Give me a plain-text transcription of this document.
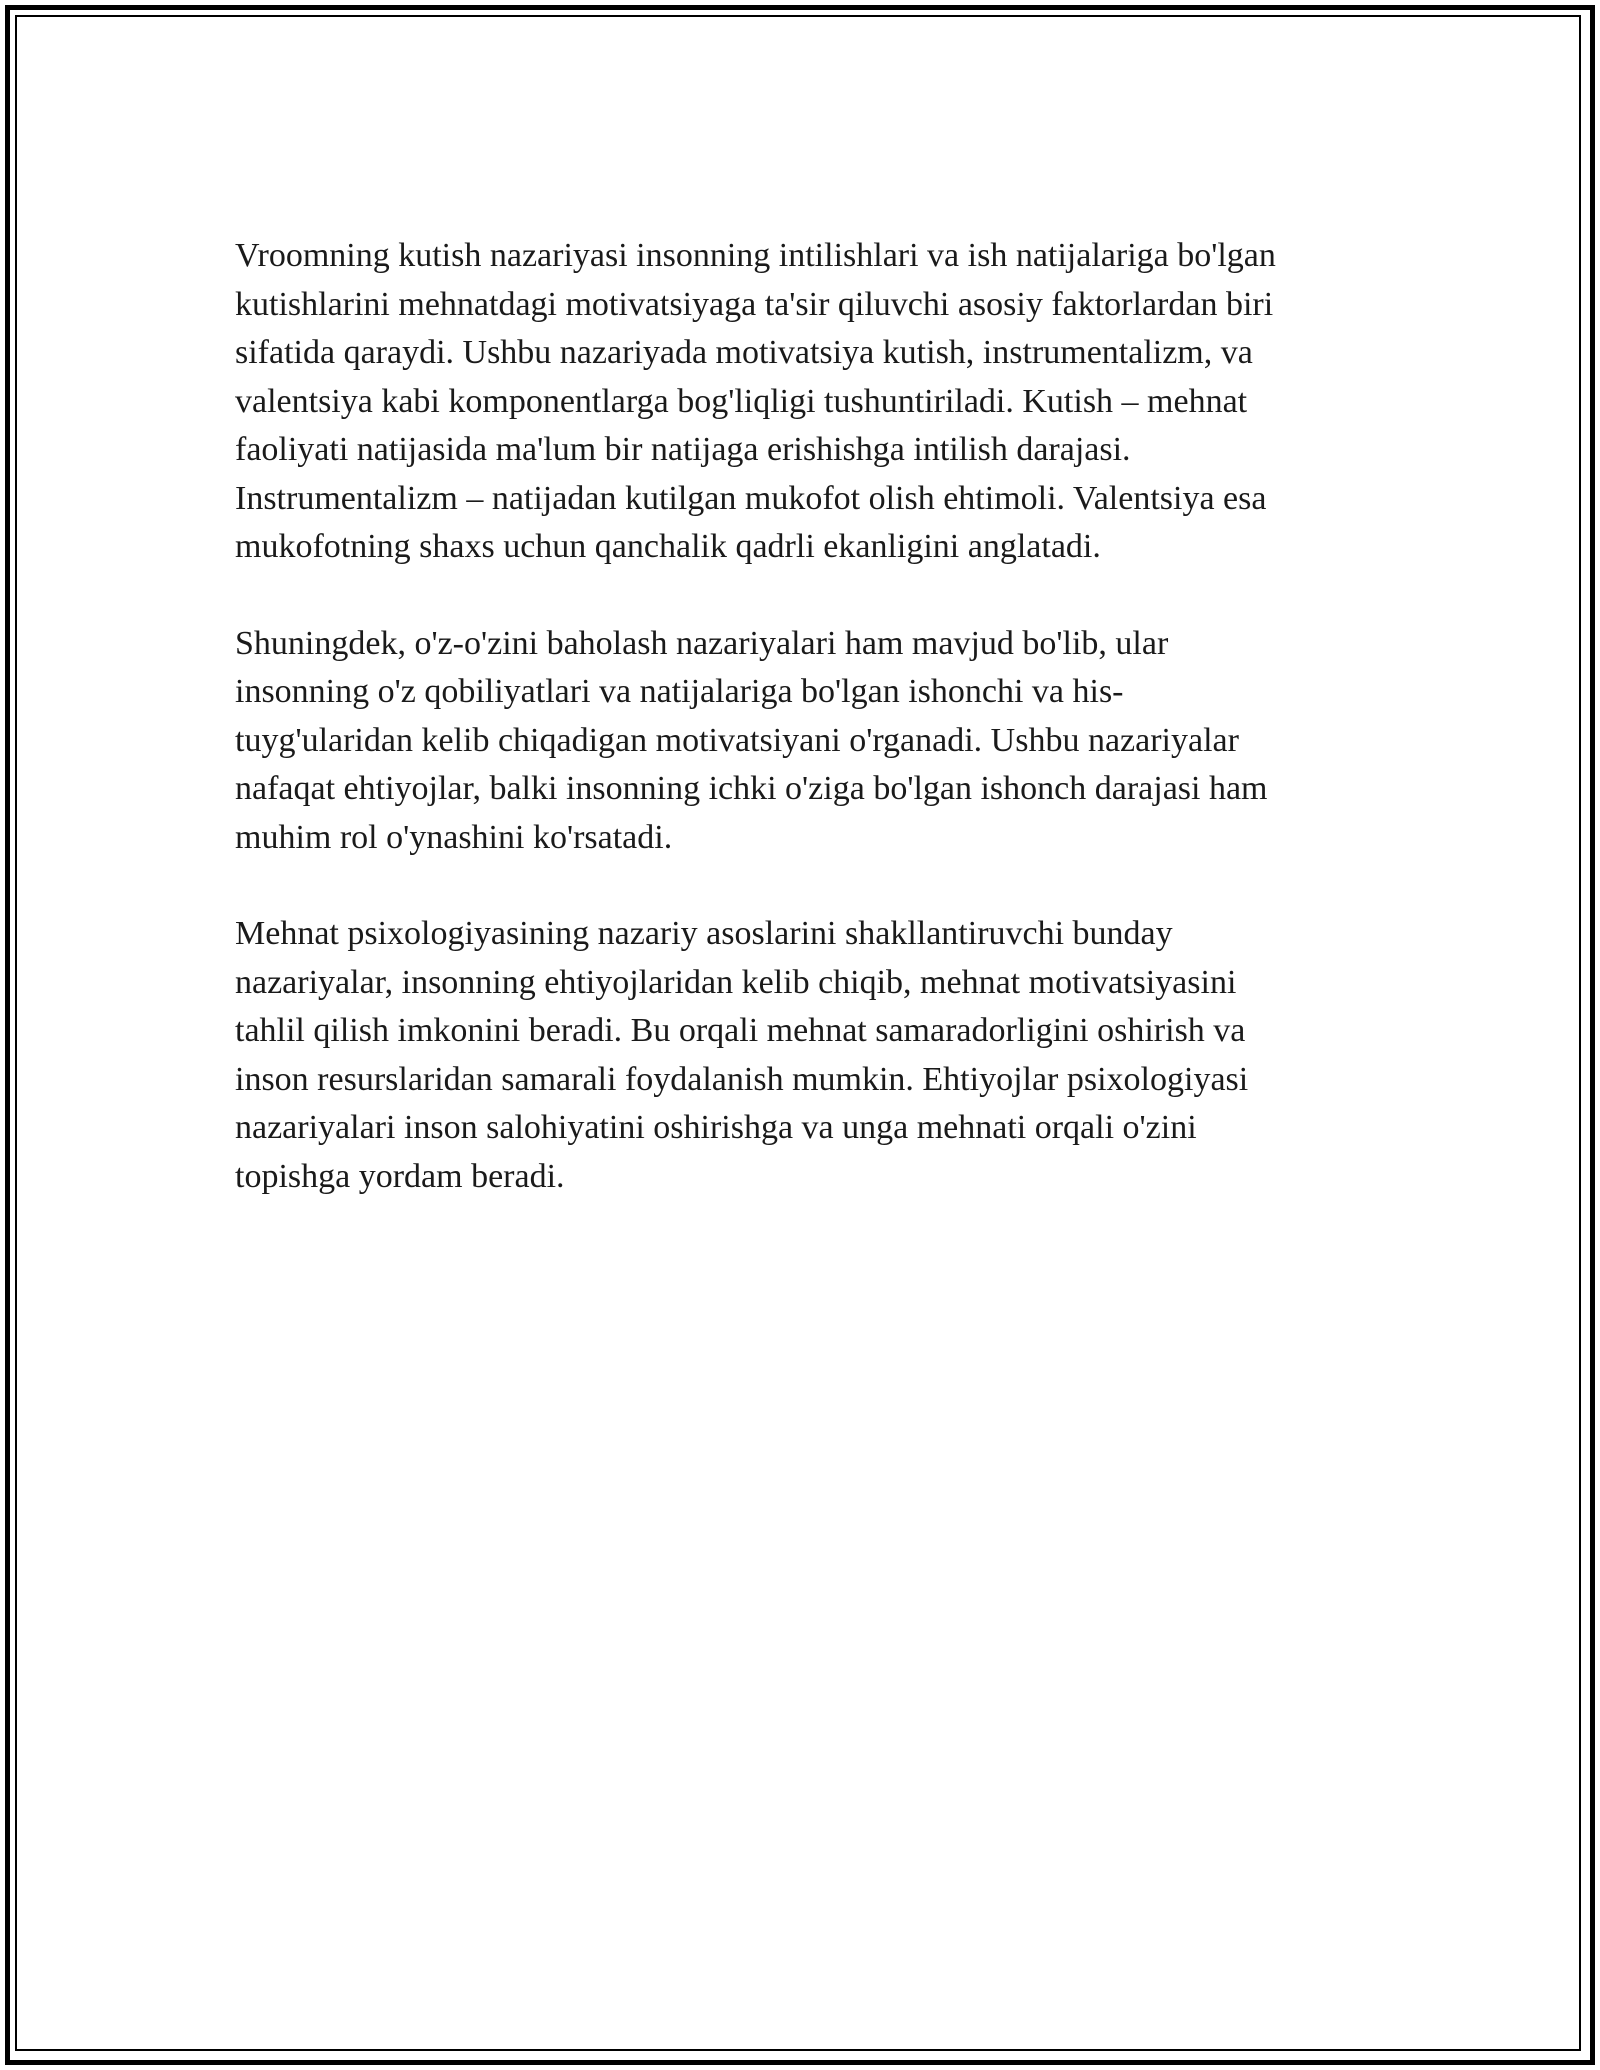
Vroomning kutish nazariyasi insonning intilishlari va ish natijalariga bo'lgan
kutishlarini mehnatdagi motivatsiyaga ta'sir qiluvchi asosiy faktorlardan biri
sifatida qaraydi. Ushbu nazariyada motivatsiya kutish, instrumentalizm, va
valentsiya kabi komponentlarga bog'liqligi tushuntiriladi. Kutish – mehnat
faoliyati natijasida ma'lum bir natijaga erishishga intilish darajasi.
Instrumentalizm – natijadan kutilgan mukofot olish ehtimoli. Valentsiya esa
mukofotning shaxs uchun qanchalik qadrli ekanligini anglatadi.

Shuningdek, o'z-o'zini baholash nazariyalari ham mavjud bo'lib, ular
insonning o'z qobiliyatlari va natijalariga bo'lgan ishonchi va his-
tuyg'ularidan kelib chiqadigan motivatsiyani o'rganadi. Ushbu nazariyalar
nafaqat ehtiyojlar, balki insonning ichki o'ziga bo'lgan ishonch darajasi ham
muhim rol o'ynashini ko'rsatadi.

Mehnat psixologiyasining nazariy asoslarini shakllantiruvchi bunday
nazariyalar, insonning ehtiyojlaridan kelib chiqib, mehnat motivatsiyasini
tahlil qilish imkonini beradi. Bu orqali mehnat samaradorligini oshirish va
inson resurslaridan samarali foydalanish mumkin. Ehtiyojlar psixologiyasi
nazariyalari inson salohiyatini oshirishga va unga mehnati orqali o'zini
topishga yordam beradi.
